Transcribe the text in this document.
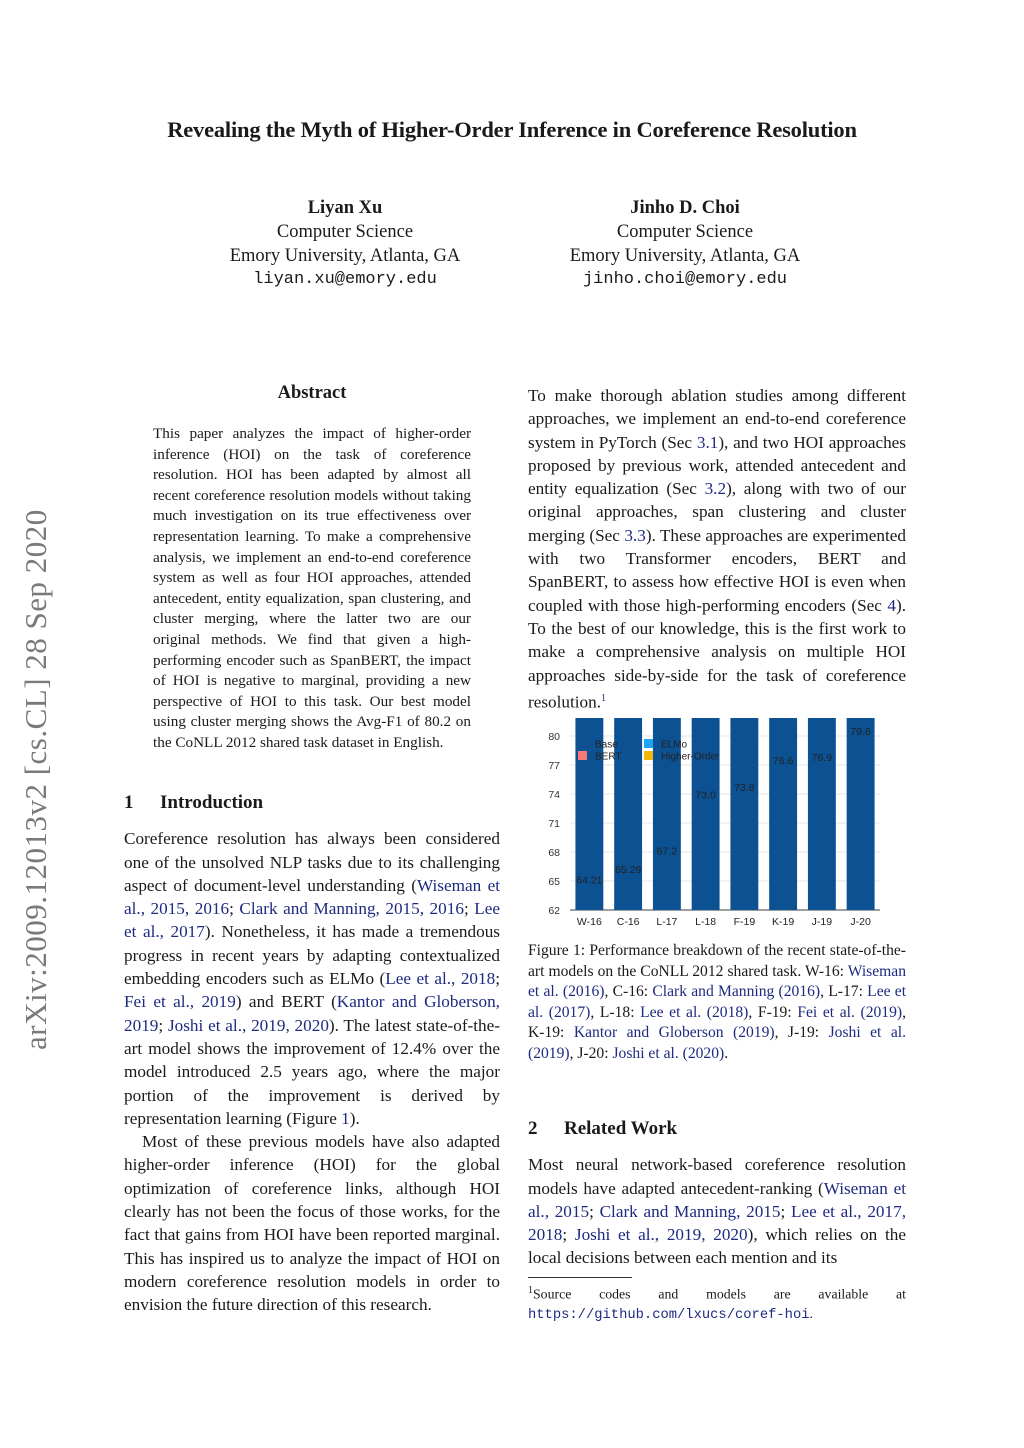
Revealing the Myth of Higher-Order Inference in Coreference Resolution
Liyan Xu
Computer Science
Emory University, Atlanta, GA
liyan.xu@emory.edu
Jinho D. Choi
Computer Science
Emory University, Atlanta, GA
jinho.choi@emory.edu
arXiv:2009.12013v2 [cs.CL] 28 Sep 2020
Abstract
This paper analyzes the impact of higher-order inference (HOI) on the task of coreference resolution. HOI has been adapted by almost all recent coreference resolution models without taking much investigation on its true effectiveness over representation learning. To make a comprehensive analysis, we implement an end-to-end coreference system as well as four HOI approaches, attended antecedent, entity equalization, span clustering, and cluster merging, where the latter two are our original methods. We find that given a high-performing encoder such as SpanBERT, the impact of HOI is negative to marginal, providing a new perspective of HOI to this task. Our best model using cluster merging shows the Avg-F1 of 80.2 on the CoNLL 2012 shared task dataset in English.
1 Introduction
Coreference resolution has always been considered one of the unsolved NLP tasks due to its challenging aspect of document-level understanding (Wiseman et al., 2015, 2016; Clark and Manning, 2015, 2016; Lee et al., 2017). Nonetheless, it has made a tremendous progress in recent years by adapting contextualized embedding encoders such as ELMo (Lee et al., 2018; Fei et al., 2019) and BERT (Kantor and Globerson, 2019; Joshi et al., 2019, 2020). The latest state-of-the-art model shows the improvement of 12.4% over the model introduced 2.5 years ago, where the major portion of the improvement is derived by representation learning (Figure 1).
Most of these previous models have also adapted higher-order inference (HOI) for the global optimization of coreference links, although HOI clearly has not been the focus of those works, for the fact that gains from HOI have been reported marginal. This has inspired us to analyze the impact of HOI on modern coreference resolution models in order to envision the future direction of this research.
To make thorough ablation studies among different approaches, we implement an end-to-end coreference system in PyTorch (Sec 3.1), and two HOI approaches proposed by previous work, attended antecedent and entity equalization (Sec 3.2), along with two of our original approaches, span clustering and cluster merging (Sec 3.3). These approaches are experimented with two Transformer encoders, BERT and SpanBERT, to assess how effective HOI is even when coupled with those high-performing encoders (Sec 4). To the best of our knowledge, this is the first work to make a comprehensive analysis on multiple HOI approaches side-by-side for the task of coreference resolution.$^1$
62
65
68
71
74
77
80
64.21
W-16
65.29
C-16
67.2
L-17
73.0
L-18
73.8
F-19
76.6
K-19
76.9
J-19
79.6
J-20
Base
BERT
ELMo
Higher-Order
Figure 1: Performance breakdown of the recent state-of-the-art models on the CoNLL 2012 shared task. W-16: Wiseman et al. (2016), C-16: Clark and Manning (2016), L-17: Lee et al. (2017), L-18: Lee et al. (2018), F-19: Fei et al. (2019), K-19: Kantor and Globerson (2019), J-19: Joshi et al. (2019), J-20: Joshi et al. (2020).
2 Related Work
Most neural network-based coreference resolution models have adapted antecedent-ranking (Wiseman et al., 2015; Clark and Manning, 2015; Lee et al., 2017, 2018; Joshi et al., 2019, 2020), which relies on the local decisions between each mention and its
$^1$Source codes and models are available at https://github.com/lxucs/coref-hoi.
